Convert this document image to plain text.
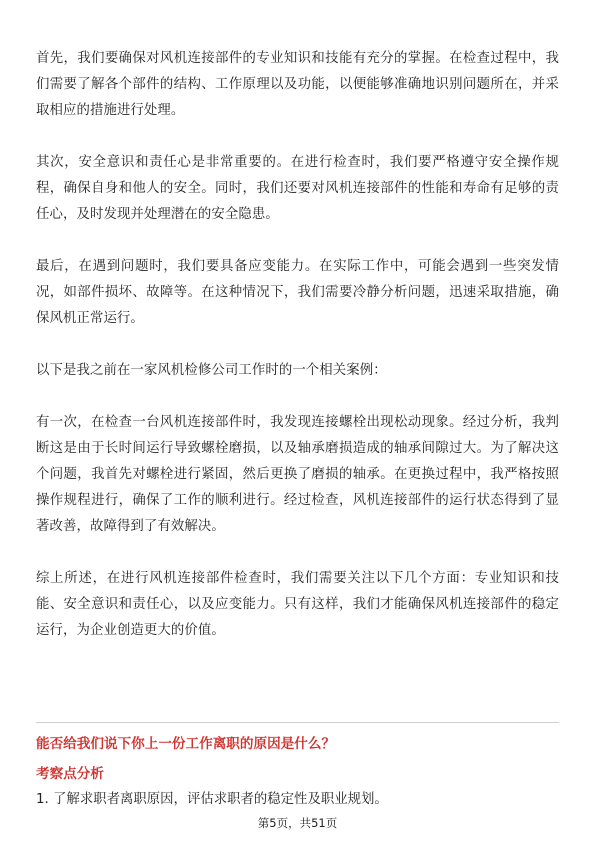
首先，我们要确保对风机连接部件的专业知识和技能有充分的掌握。在检查过程中，我们需要了解各个部件的结构、工作原理以及功能，以便能够准确地识别问题所在，并采取相应的措施进行处理。

其次，安全意识和责任心是非常重要的。在进行检查时，我们要严格遵守安全操作规程，确保自身和他人的安全。同时，我们还要对风机连接部件的性能和寿命有足够的责任心，及时发现并处理潜在的安全隐患。

最后，在遇到问题时，我们要具备应变能力。在实际工作中，可能会遇到一些突发情况，如部件损坏、故障等。在这种情况下，我们需要冷静分析问题，迅速采取措施，确保风机正常运行。

以下是我之前在一家风机检修公司工作时的一个相关案例：

有一次，在检查一台风机连接部件时，我发现连接螺栓出现松动现象。经过分析，我判断这是由于长时间运行导致螺栓磨损，以及轴承磨损造成的轴承间隙过大。为了解决这个问题，我首先对螺栓进行紧固，然后更换了磨损的轴承。在更换过程中，我严格按照操作规程进行，确保了工作的顺利进行。经过检查，风机连接部件的运行状态得到了显著改善，故障得到了有效解决。

综上所述，在进行风机连接部件检查时，我们需要关注以下几个方面：专业知识和技能、安全意识和责任心，以及应变能力。只有这样，我们才能确保风机连接部件的稳定运行，为企业创造更大的价值。

能否给我们说下你上一份工作离职的原因是什么？
考察点分析
1. 了解求职者离职原因，评估求职者的稳定性及职业规划。
第5页，共51页
